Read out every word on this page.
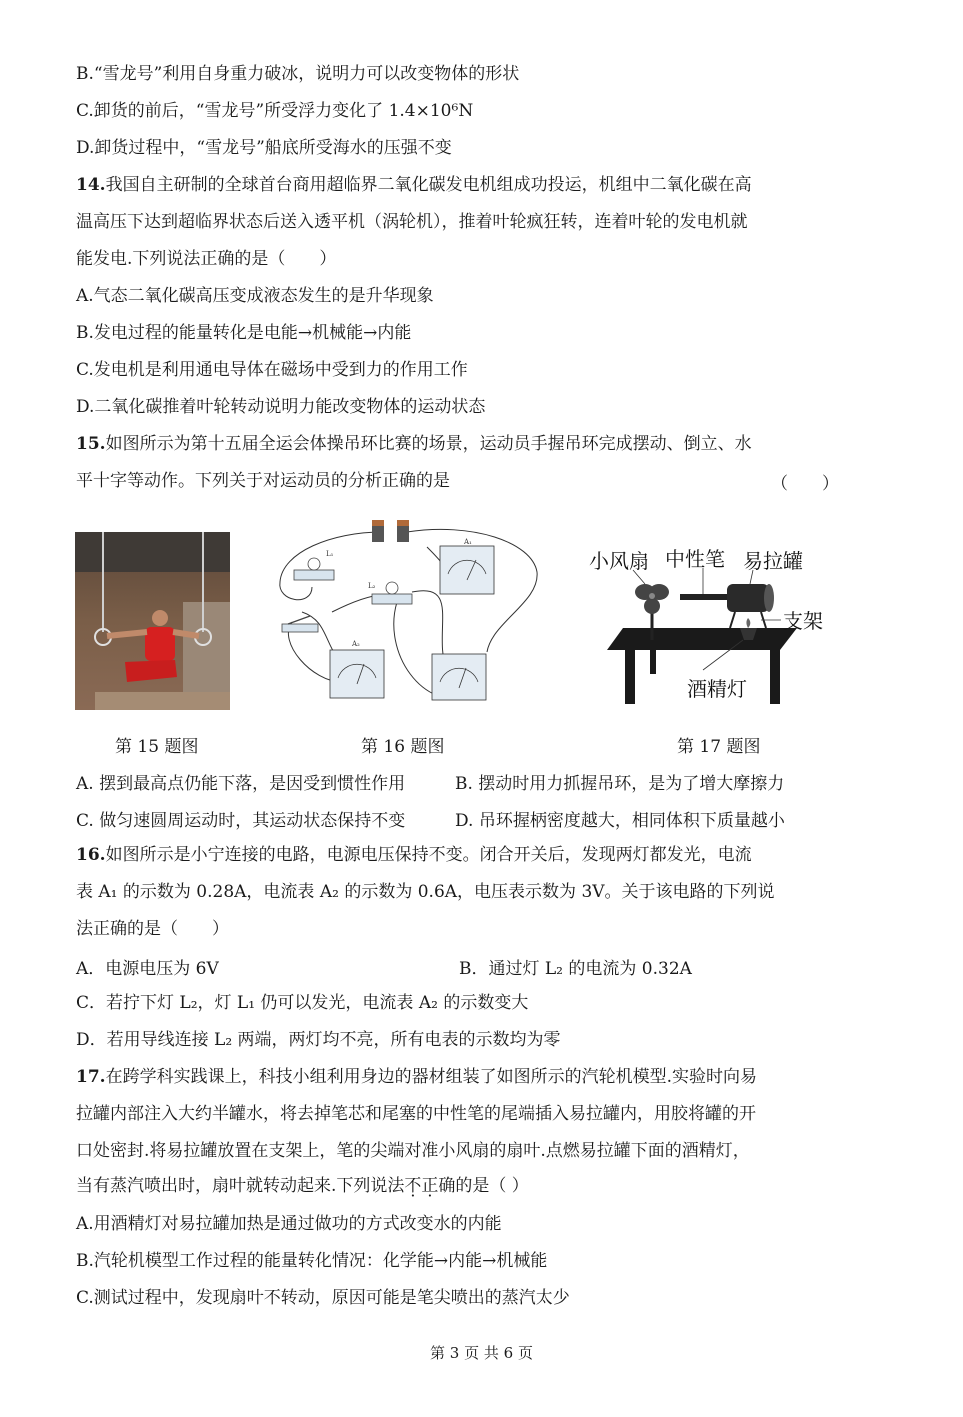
B.“雪龙号”利用自身重力破冰，说明力可以改变物体的形状
C.卸货的前后，“雪龙号”所受浮力变化了 1.4×10⁶N
D.卸货过程中，“雪龙号”船底所受海水的压强不变
14.我国自主研制的全球首台商用超临界二氧化碳发电机组成功投运，机组中二氧化碳在高
温高压下达到超临界状态后送入透平机（涡轮机），推着叶轮疯狂转，连着叶轮的发电机就
能发电.下列说法正确的是（　　）
A.气态二氧化碳高压变成液态发生的是升华现象
B.发电过程的能量转化是电能→机械能→内能
C.发电机是利用通电导体在磁场中受到力的作用工作
D.二氧化碳推着叶轮转动说明力能改变物体的运动状态
15.如图所示为第十五届全运会体操吊环比赛的场景，运动员手握吊环完成摆动、倒立、水
平十字等动作。下列关于对运动员的分析正确的是	（　　）
L₁
L₂
A₁
A₂
小风扇 中性笔 易拉罐
支架
酒精灯
第 15 题图	第 16 题图	第 17 题图
A. 摆到最高点仍能下落，是因受到惯性作用	B. 摆动时用力抓握吊环，是为了增大摩擦力
C. 做匀速圆周运动时，其运动状态保持不变	D. 吊环握柄密度越大，相同体积下质量越小
16.如图所示是小宁连接的电路，电源电压保持不变。闭合开关后，发现两灯都发光，电流
表 A₁ 的示数为 0.28A，电流表 A₂ 的示数为 0.6A，电压表示数为 3V。关于该电路的下列说
法正确的是（　　）
A．电源电压为 6V	B．通过灯 L₂ 的电流为 0.32A
C．若拧下灯 L₂，灯 L₁ 仍可以发光，电流表 A₂ 的示数变大
D．若用导线连接 L₂ 两端，两灯均不亮，所有电表的示数均为零
17.在跨学科实践课上，科技小组利用身边的器材组装了如图所示的汽轮机模型.实验时向易
拉罐内部注入大约半罐水，将去掉笔芯和尾塞的中性笔的尾端插入易拉罐内，用胶将罐的开
口处密封.将易拉罐放置在支架上，笔的尖端对准小风扇的扇叶.点燃易拉罐下面的酒精灯，
当有蒸汽喷出时，扇叶就转动起来.下列说法不正确的是（ ）
A.用酒精灯对易拉罐加热是通过做功的方式改变水的内能
B.汽轮机模型工作过程的能量转化情况：化学能→内能→机械能
C.测试过程中，发现扇叶不转动，原因可能是笔尖喷出的蒸汽太少
第 3 页 共 6 页
